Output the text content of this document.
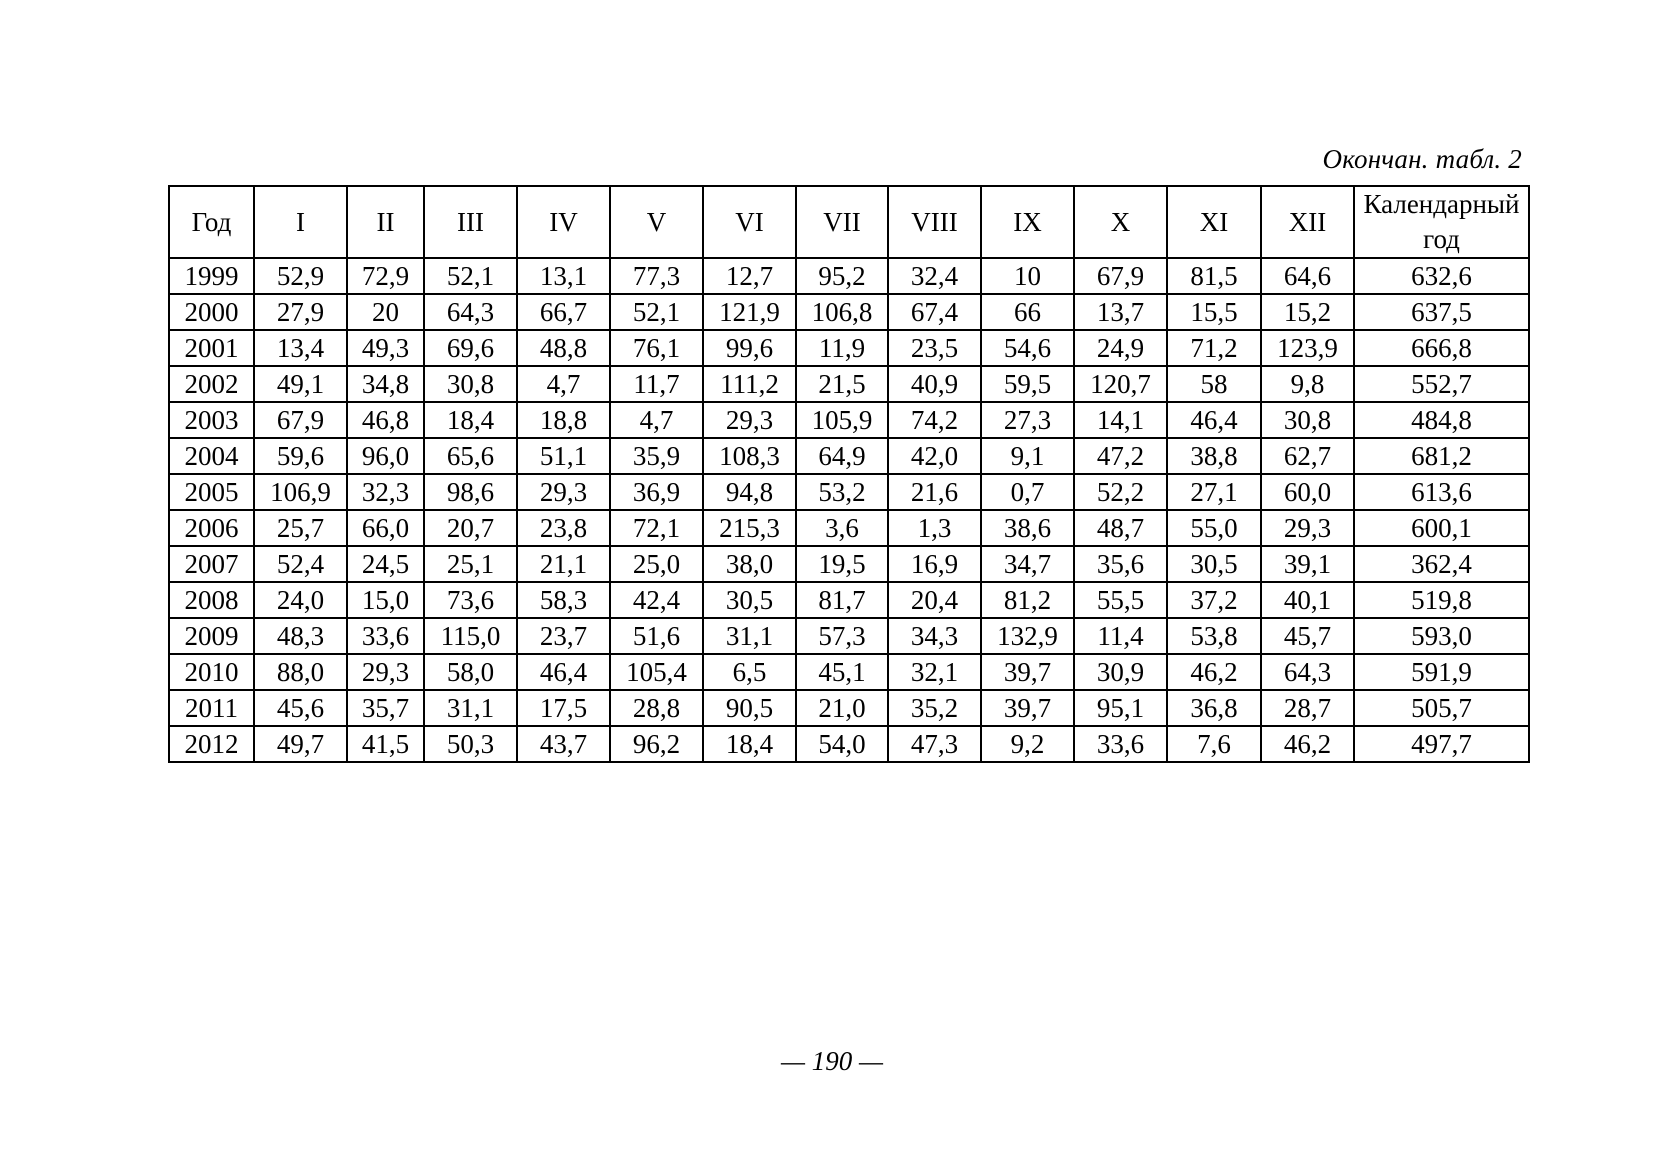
Окончан. табл. 2
Год	I	II	III	IV	V	VI	VII	VIII	IX	X	XI	XII	Календарный год
1999	52,9	72,9	52,1	13,1	77,3	12,7	95,2	32,4	10	67,9	81,5	64,6	632,6
2000	27,9	20	64,3	66,7	52,1	121,9	106,8	67,4	66	13,7	15,5	15,2	637,5
2001	13,4	49,3	69,6	48,8	76,1	99,6	11,9	23,5	54,6	24,9	71,2	123,9	666,8
2002	49,1	34,8	30,8	4,7	11,7	111,2	21,5	40,9	59,5	120,7	58	9,8	552,7
2003	67,9	46,8	18,4	18,8	4,7	29,3	105,9	74,2	27,3	14,1	46,4	30,8	484,8
2004	59,6	96,0	65,6	51,1	35,9	108,3	64,9	42,0	9,1	47,2	38,8	62,7	681,2
2005	106,9	32,3	98,6	29,3	36,9	94,8	53,2	21,6	0,7	52,2	27,1	60,0	613,6
2006	25,7	66,0	20,7	23,8	72,1	215,3	3,6	1,3	38,6	48,7	55,0	29,3	600,1
2007	52,4	24,5	25,1	21,1	25,0	38,0	19,5	16,9	34,7	35,6	30,5	39,1	362,4
2008	24,0	15,0	73,6	58,3	42,4	30,5	81,7	20,4	81,2	55,5	37,2	40,1	519,8
2009	48,3	33,6	115,0	23,7	51,6	31,1	57,3	34,3	132,9	11,4	53,8	45,7	593,0
2010	88,0	29,3	58,0	46,4	105,4	6,5	45,1	32,1	39,7	30,9	46,2	64,3	591,9
2011	45,6	35,7	31,1	17,5	28,8	90,5	21,0	35,2	39,7	95,1	36,8	28,7	505,7
2012	49,7	41,5	50,3	43,7	96,2	18,4	54,0	47,3	9,2	33,6	7,6	46,2	497,7
— 190 —
